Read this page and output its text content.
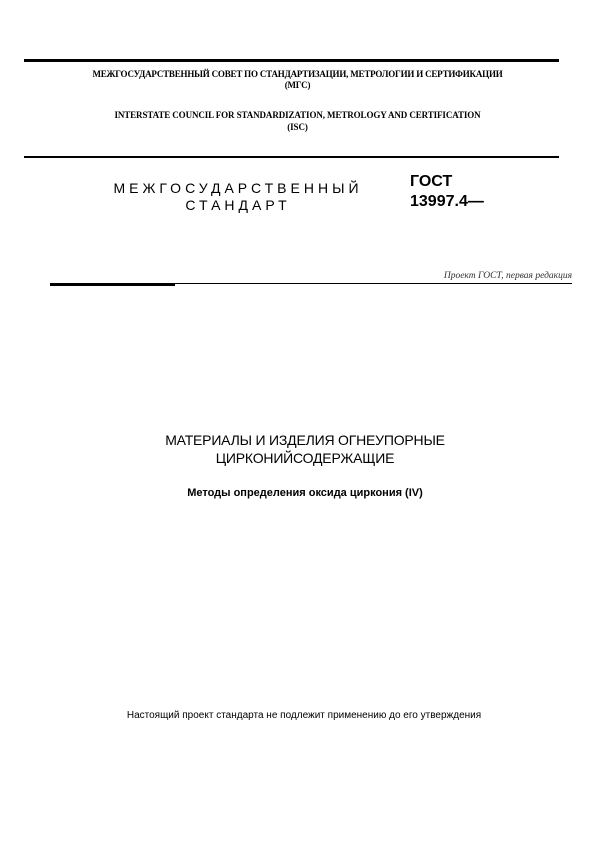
МЕЖГОСУДАРСТВЕННЫЙ СОВЕТ ПО СТАНДАРТИЗАЦИИ, МЕТРОЛОГИИ И СЕРТИФИКАЦИИ
(МГС)
INTERSTATE COUNCIL FOR STANDARDIZATION, METROLOGY AND CERTIFICATION
(ISC)
МЕЖГОСУДАРСТВЕННЫЙ
СТАНДАРТ
ГОСТ
13997.4—
Проект ГОСТ, первая редакция
МАТЕРИАЛЫ И ИЗДЕЛИЯ ОГНЕУПОРНЫЕ
ЦИРКОНИЙСОДЕРЖАЩИЕ
Методы определения оксида циркония (IV)
Настоящий проект стандарта не подлежит применению до его утверждения
